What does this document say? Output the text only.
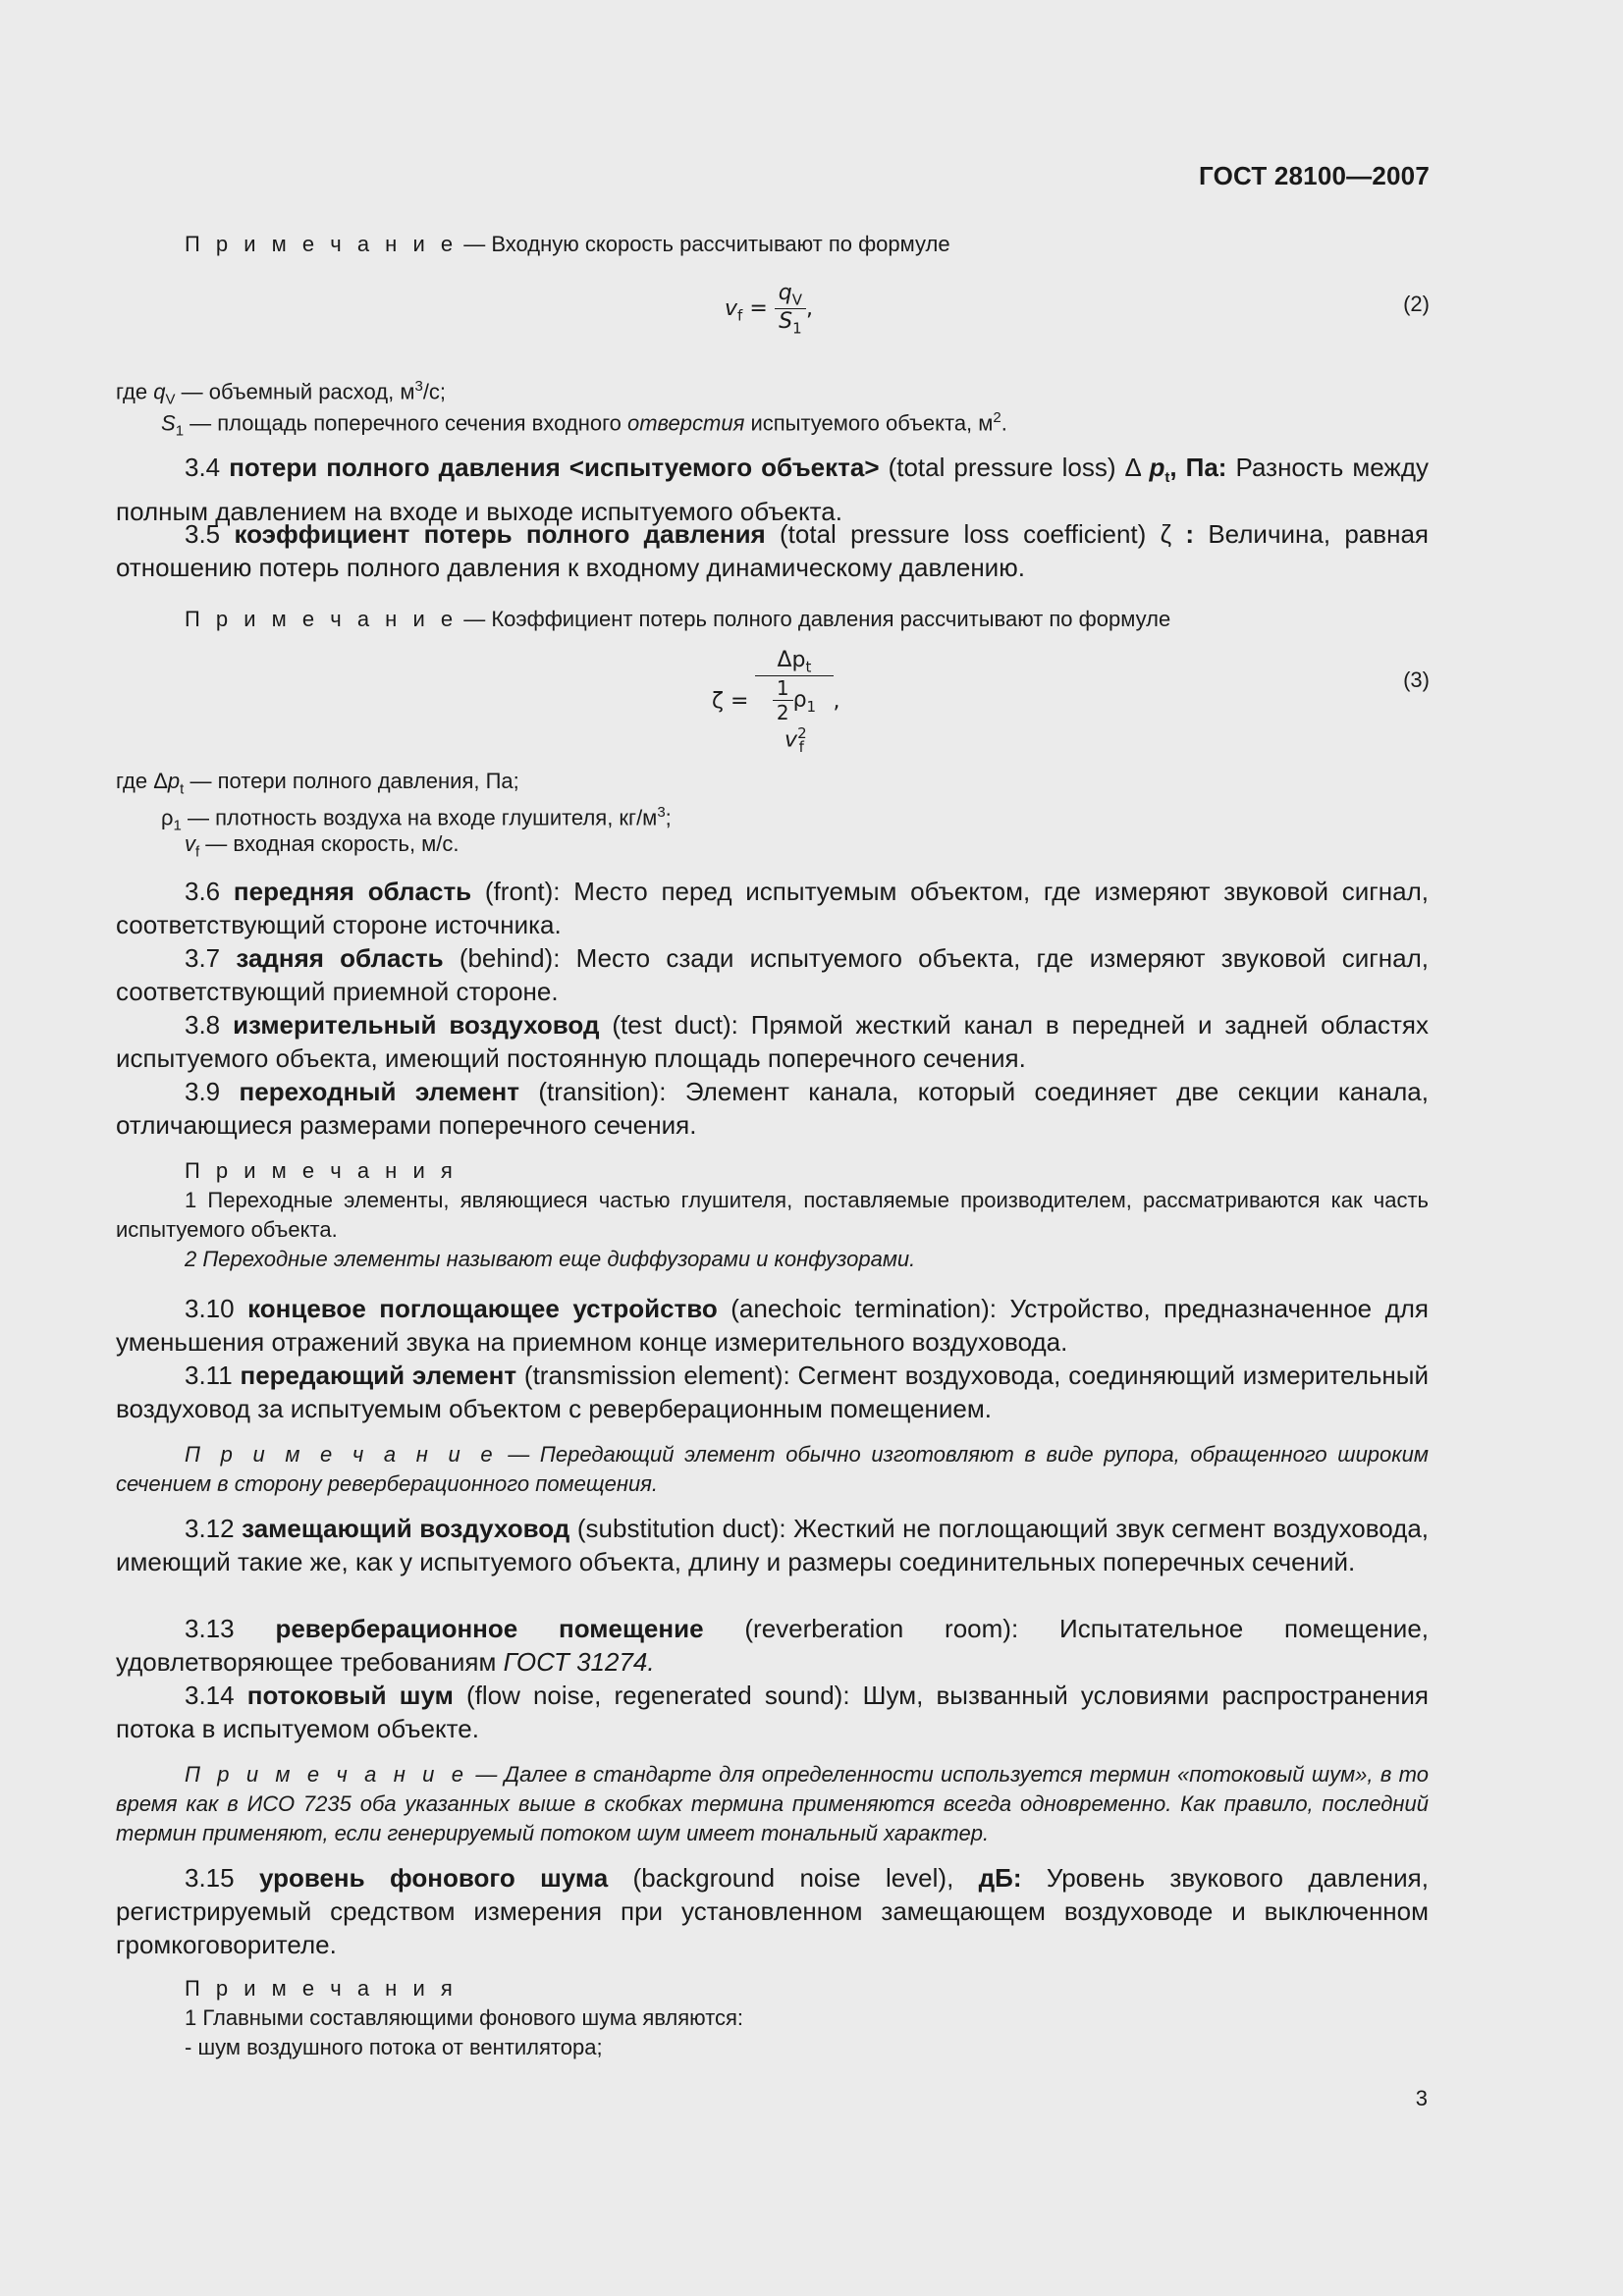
ГОСТ 28100—2007

П р и м е ч а н и е — Входную скорость рассчитывают по формуле

$v_f = \frac{q_V}{S_1}$ ,	(2)

где $q_V$ — объемный расход, $м^3/с$;

$S_1$ — площадь поперечного сечения входного отверстия испытуемого объекта, $м^2$.

3.4 потери полного давления <испытуемого объекта> (total pressure loss) Δ $p_t$, Па: Разность между полным давлением на входе и выходе испытуемого объекта.

3.5 коэффициент потерь полного давления (total pressure loss coefficient) ζ : Величина, равная отношению потерь полного давления к входному динамическому давлению.

П р и м е ч а н и е — Коэффициент потерь полного давления рассчитывают по формуле

$\zeta = \frac{\Delta p_t}{\frac{1}{2} \rho_1 v^2_f}$ ,
(3)

где $\Delta p_t$ — потери полного давления, Па;

$\rho_1$ — плотность воздуха на входе глушителя, $кг/м^3$;

$v_f$ — входная скорость, м/с.

3.6 передняя область (front): Место перед испытуемым объектом, где измеряют звуковой сигнал, соответствующий стороне источника.

3.7 задняя область (behind): Место сзади испытуемого объекта, где измеряют звуковой сигнал, соответствующий приемной стороне.

3.8 измерительный воздуховод (test duct): Прямой жесткий канал в передней и задней областях испытуемого объекта, имеющий постоянную площадь поперечного сечения.

3.9 переходный элемент (transition): Элемент канала, который соединяет две секции канала, отличающиеся размерами поперечного сечения.

П р и м е ч а н и я

1 Переходные элементы, являющиеся частью глушителя, поставляемые производителем, рассматриваются как часть испытуемого объекта.

2 Переходные элементы называют еще диффузорами и конфузорами.

3.10 концевое поглощающее устройство (anechoic termination): Устройство, предназначенное для уменьшения отражений звука на приемном конце измерительного воздуховода.

3.11 передающий элемент (transmission element): Сегмент воздуховода, соединяющий измерительный воздуховод за испытуемым объектом с реверберационным помещением.

П р и м е ч а н и е — Передающий элемент обычно изготовляют в виде рупора, обращенного широким сечением в сторону реверберационного помещения.

3.12 замещающий воздуховод (substitution duct): Жесткий не поглощающий звук сегмент воздуховода, имеющий такие же, как у испытуемого объекта, длину и размеры соединительных поперечных сечений.

3.13 реверберационное помещение (reverberation room): Испытательное помещение, удовлетворяющее требованиям ГОСТ 31274.

3.14 потоковый шум (flow noise, regenerated sound): Шум, вызванный условиями распространения потока в испытуемом объекте.

П р и м е ч а н и е — Далее в стандарте для определенности используется термин «потоковый шум», в то время как в ИСО 7235 оба указанных выше в скобках термина применяются всегда одновременно. Как правило, последний термин применяют, если генерируемый потоком шум имеет тональный характер.

3.15 уровень фонового шума (background noise level), дБ: Уровень звукового давления, регистрируемый средством измерения при установленном замещающем воздуховоде и выключенном громкоговорителе.

П р и м е ч а н и я

1 Главными составляющими фонового шума являются:

- шум воздушного потока от вентилятора;

3
